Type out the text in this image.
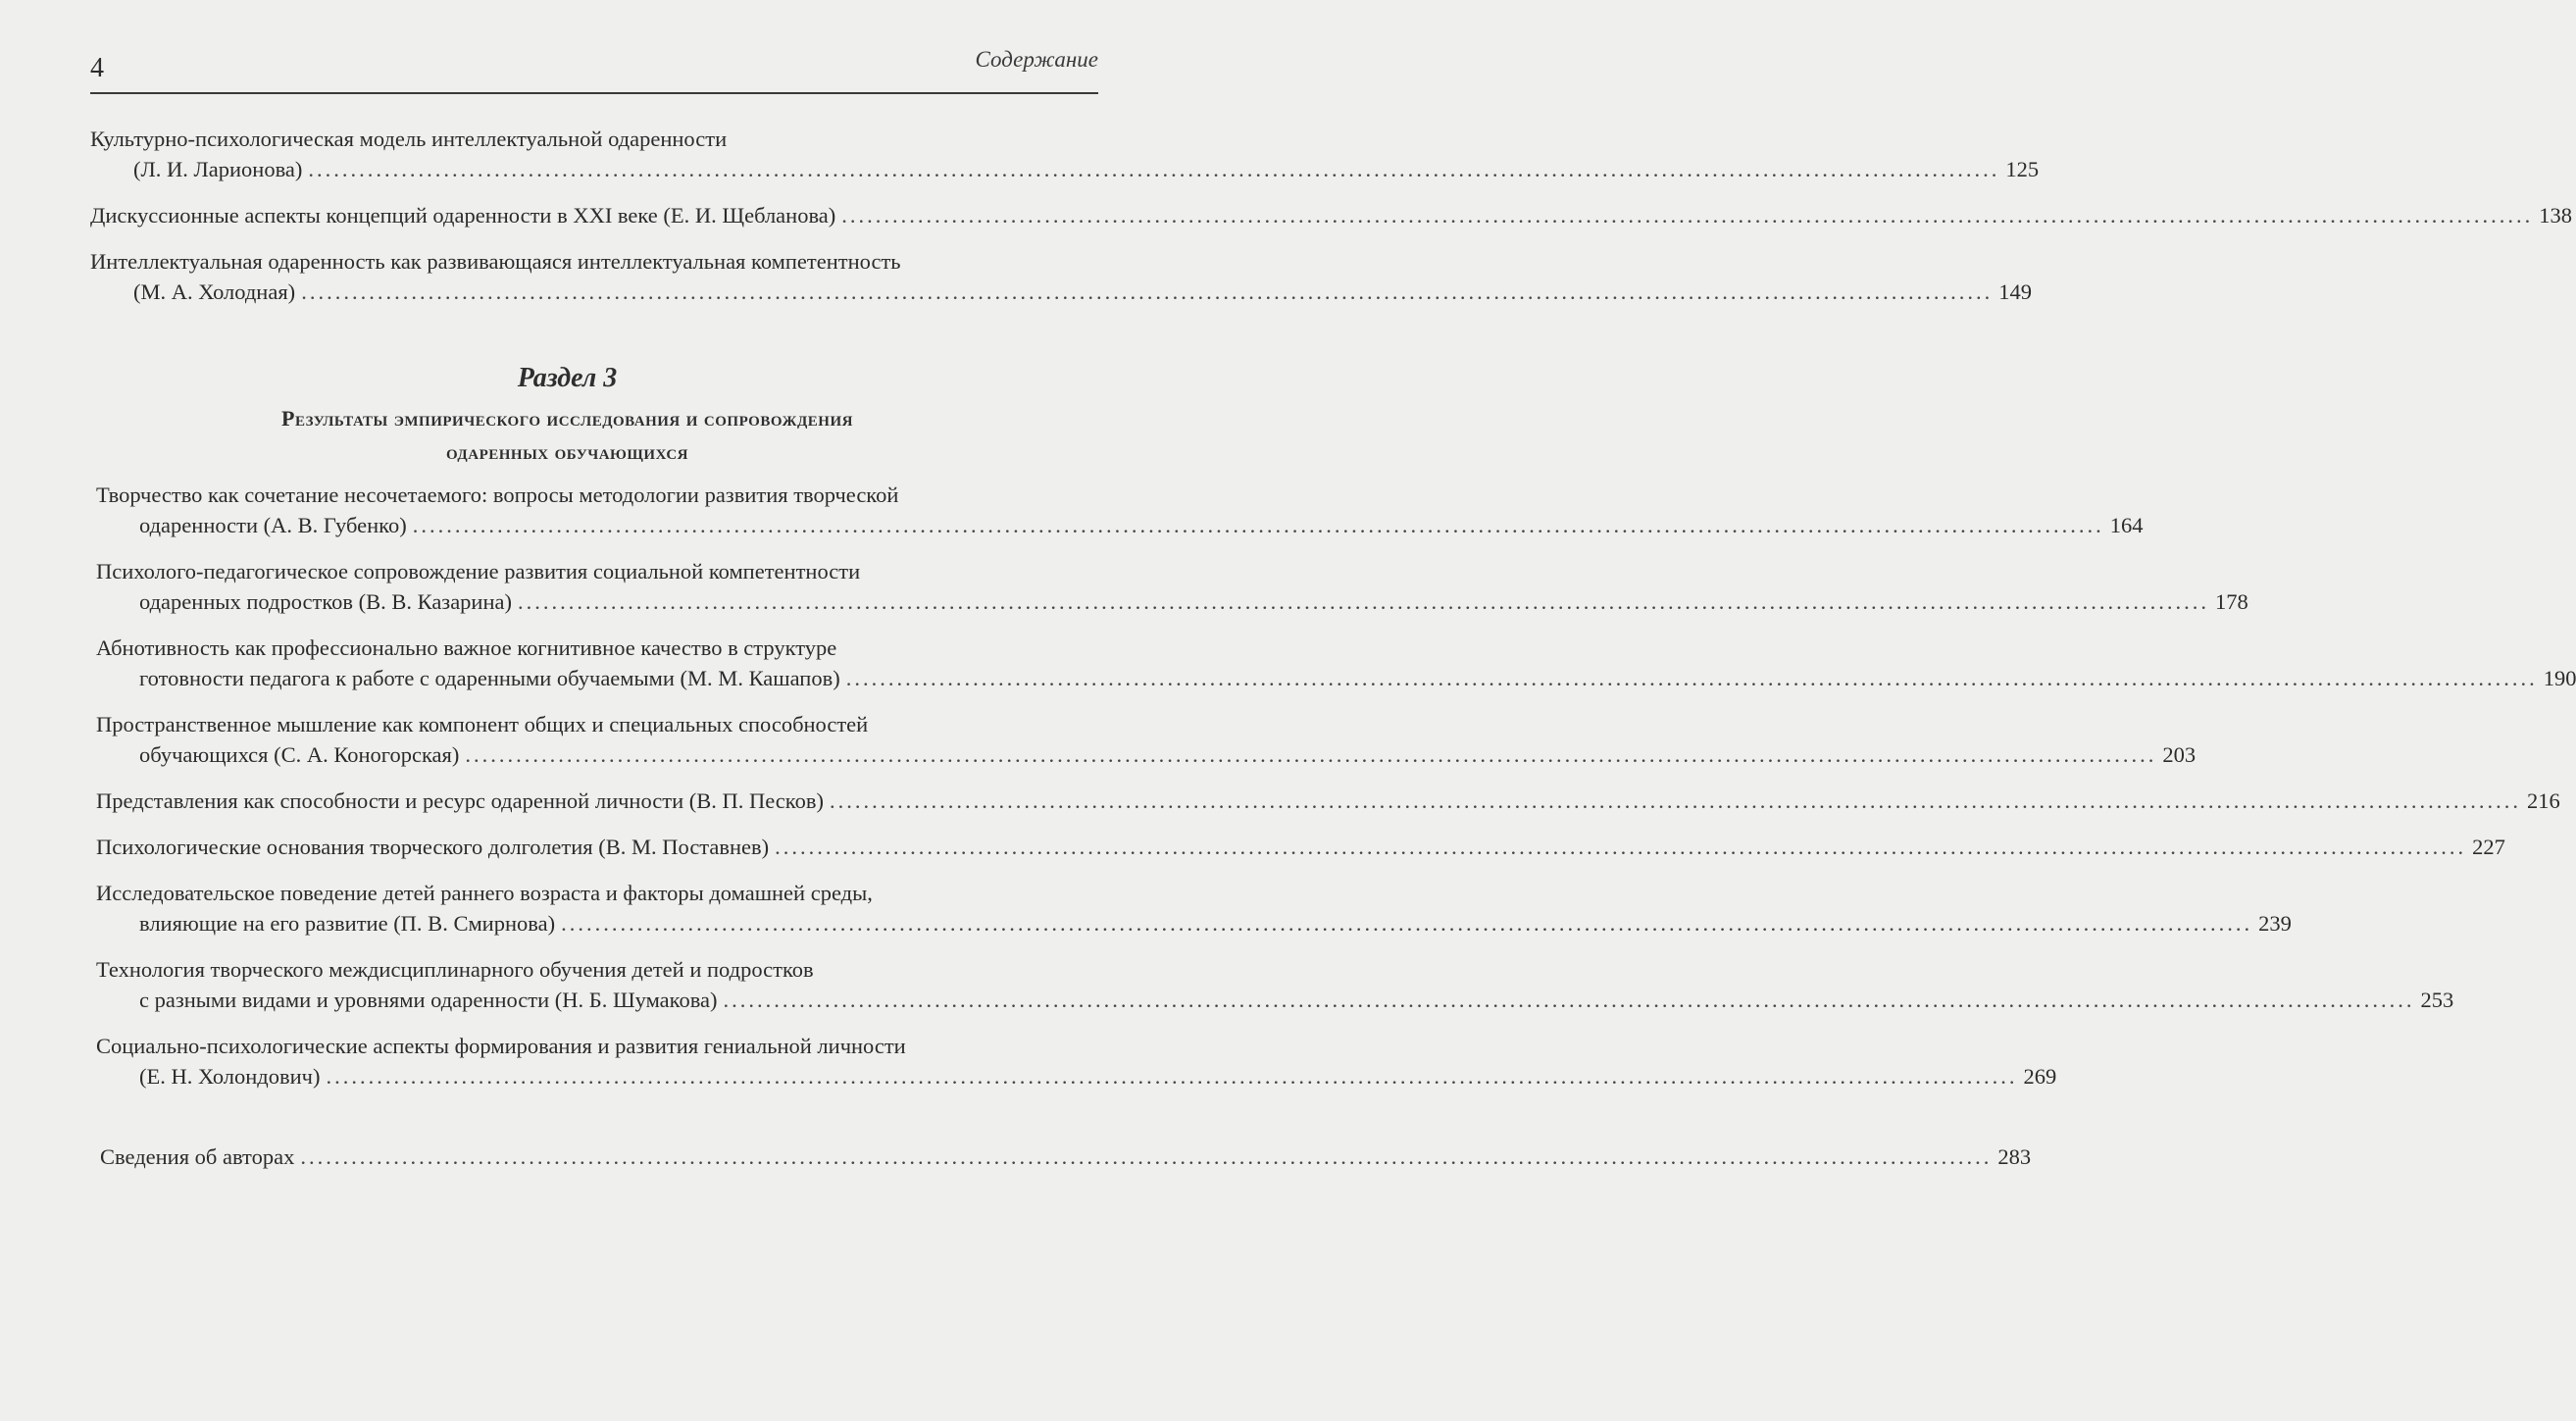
4	Содержание
Культурно-психологическая модель интеллектуальной одаренности
(Л. И. Ларионова) ........................................................................................................................................................................................................ 125
Дискуссионные аспекты концепций одаренности в XXI веке (Е. И. Щебланова) ........................................................................................................................................................................................................ 138
Интеллектуальная одаренность как развивающаяся интеллектуальная компетентность
(М. А. Холодная) ........................................................................................................................................................................................................ 149
Раздел 3
Результаты эмпирического исследования и сопровождения
одаренных обучающихся
Творчество как сочетание несочетаемого: вопросы методологии развития творческой
одаренности (А. В. Губенко) ........................................................................................................................................................................................................ 164
Психолого-педагогическое сопровождение развития социальной компетентности
одаренных подростков (В. В. Казарина) ........................................................................................................................................................................................................ 178
Абнотивность как профессионально важное когнитивное качество в структуре
готовности педагога к работе с одаренными обучаемыми (М. М. Кашапов) ........................................................................................................................................................................................................ 190
Пространственное мышление как компонент общих и специальных способностей
обучающихся (С. А. Коногорская) ........................................................................................................................................................................................................ 203
Представления как способности и ресурс одаренной личности (В. П. Песков) ........................................................................................................................................................................................................ 216
Психологические основания творческого долголетия (В. М. Поставнев) ........................................................................................................................................................................................................ 227
Исследовательское поведение детей раннего возраста и факторы домашней среды,
влияющие на его развитие (П. В. Смирнова) ........................................................................................................................................................................................................ 239
Технология творческого междисциплинарного обучения детей и подростков
с разными видами и уровнями одаренности (Н. Б. Шумакова) ........................................................................................................................................................................................................ 253
Социально-психологические аспекты формирования и развития гениальной личности
(Е. Н. Холондович) ........................................................................................................................................................................................................ 269
Сведения об авторах ........................................................................................................................................................................................................ 283
